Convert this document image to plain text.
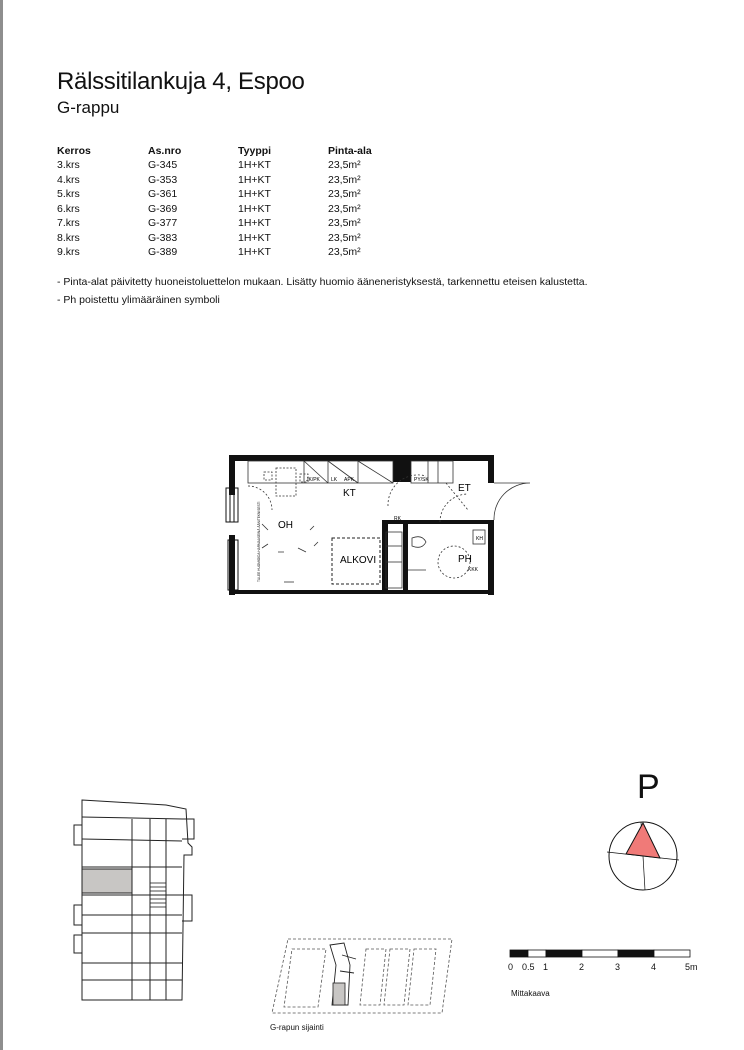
Rälssitilankuja 4, Espoo
G-rappu
Kerros	As.nro	Tyyppi	Pinta-ala
3.krs	G-345	1H+KT	23,5m²
4.krs	G-353	1H+KT	23,5m²
5.krs	G-361	1H+KT	23,5m²
6.krs	G-369	1H+KT	23,5m²
7.krs	G-377	1H+KT	23,5m²
8.krs	G-383	1H+KT	23,5m²
9.krs	G-389	1H+KT	23,5m²
- Pinta-alat päivitetty huoneistoluettelon mukaan. Lisätty huomio ääneneristyksestä, tarkennettu eteisen kalustetta.
- Ph poistettu ylimääräinen symboli
KT
OH
ALKOVI
ET
PH
JK/PK LK APK	PY/SK
RK
KH
KKK
TULEE HUOMIOIDA HARMAASEINÄ ÄÄNITEKNISESTI
P
G-rapun sijainti
0 0.5 1	2	3	4	5m
Mittakaava
